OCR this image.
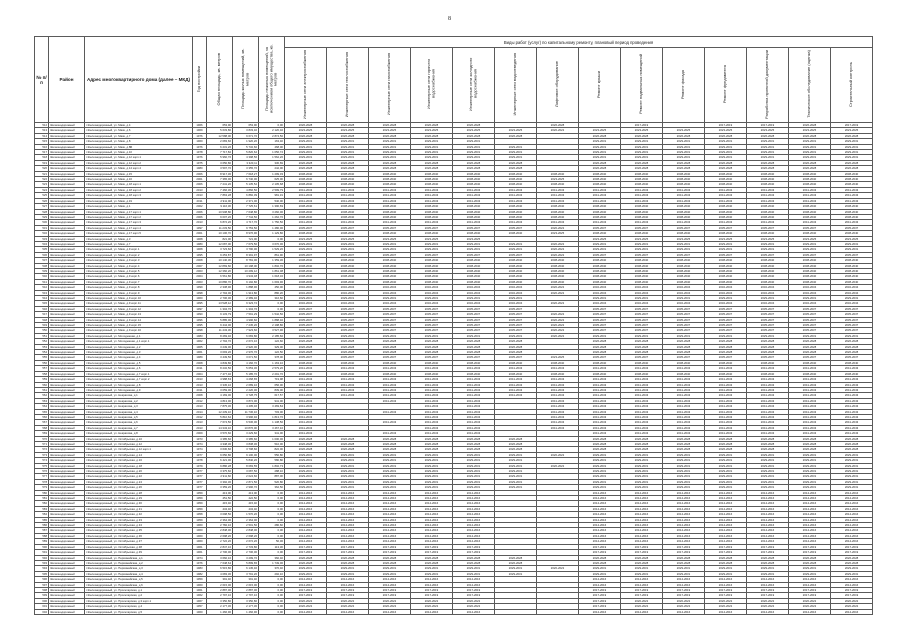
8
№ п/п	Район	Адрес многоквартирного дома (далее – МКД)	Год постройки	Общая площадь, кв. метров	Площадь жилых помещений, кв. метров	Площадь нежилых помещений, за исключением общего имущества, кв. метров	Виды работ (услуг) по капитальному ремонту, плановый период проведения													
							Инженерные сети электроснабжения	Инженерные сети теплоснабжения	Инженерные сети газоснабжения	Инженерные сети горячего водоснабжения	Инженерные сети холодного водоснабжения	Инженерные сети водоотведения	Лифтовое оборудование	Ремонт крыши	Ремонт подвальных помещений	Ремонт фасада	Ремонт фундамента	Разработка проектной документации	Техническое обследование (оценка)	Строительный контроль
512	Железнодорожный	г.Железнодорожный, ул. Маяк, д.4	1966	653,90	653,90	0,00	2026-2028	2026-2028	2026-2028	2026-2028	2026-2028		2026-2028		2017-2019		2017-2019	2017-2019	2026-2028	2017-2019
513	Железнодорожный	г.Железнодорожный, ул. Маяк, д.6	1969	5 633,80	3 833,40	2 120,40	2023-2025	2023-2025	2023-2025	2023-2025	2023-2025	2023-2025	2020-2022	2023-2025	2023-2025	2023-2025	2023-2025	2023-2025	2023-2025	2023-2025
514	Железнодорожный	г.Железнодорожный, ул. Маяк, д.7	1976	12 588,00	9 671,70	2 874,50	2026-2028	2026-2028	2026-2028	2026-2028	2026-2028	2026-2028		2026-2028	2026-2028	2026-2028	2026-2028	2026-2028	2026-2028	2026-2028
515	Железнодорожный	г.Железнодорожный, ул. Маяк, д.8	1960	2 083,60	1 920,20	163,40	2029-2031	2029-2031	2029-2031	2029-2031	2029-2031			2029-2031	2029-2031	2029-2031	2029-2031	2029-2031	2029-2031	2029-2031
516	Железнодорожный	г.Железнодорожный, ул. Маяк, д.8Б	1976	6 231,26	5 732,60	468,00	2029-2031	2029-2031	2029-2031	2029-2031	2029-2031	2029-2031		2029-2031	2029-2031	2029-2031	2029-2031	2029-2031	2029-2031	2029-2031
517	Железнодорожный	г.Железнодорожный, ул. Маяк, д.10	1978	7 717,82	5 820,62	1 056,72	2029-2031	2029-2031	2029-2031	2029-2031	2029-2031	2029-2031		2029-2031	2029-2031	2029-2031	2029-2031	2029-2031	2029-2031	2029-2031
518	Железнодорожный	г.Железнодорожный, ул. Маяк, д.12 корп.1	1976	5 960,76	4 398,56	1 562,20	2029-2031	2029-2031	2029-2031	2029-2031	2029-2031	2029-2031		2029-2031	2029-2031	2029-2031	2029-2031	2029-2031	2029-2031	2029-2031
519	Железнодорожный	г.Железнодорожный, ул. Маяк, д.12 корп.2	1975	3 650,80	3 320,11	330,69	2026-2028	2026-2028	2026-2028	2026-2028	2026-2028	2026-2028		2026-2028	2026-2028	2026-2028	2026-2028	2026-2028	2026-2028	2026-2028
520	Железнодорожный	г.Железнодорожный, ул. Маяк, д.14 корп.4	1980	3 597,70	3 355,70	242,00	2026-2028	2026-2028	2026-2028	2026-2028	2026-2028	2026-2028		2026-2028	2026-2028	2026-2028	2026-2028	2026-2028	2026-2028	2026-2028
521	Железнодорожный	г.Железнодорожный, ул. Маяк, д.15	2006	8 917,30	7 618,27	1 299,03	2038-2040	2038-2040	2038-2040	2038-2040	2038-2040	2038-2040	2038-2040	2038-2040	2038-2040	2038-2040	2038-2040	2038-2040	2038-2040	2038-2040
522	Железнодорожный	г.Железнодорожный, ул. Маяк, д.16	2001	7 365,00	6 740,00	625,00	2038-2040	2038-2040	2038-2040	2038-2040	2038-2040	2038-2040	2023-2025	2038-2040	2038-2040	2038-2040	2038-2040	2038-2040	2038-2040	2038-2040
523	Железнодорожный	г.Железнодорожный, ул. Маяк, д.18 корп.1	2006	7 241,20	5 135,52	2 105,68	2038-2040	2038-2040	2038-2040	2038-2040	2038-2040	2038-2040	2038-2040	2038-2040	2038-2040	2038-2040	2038-2040	2038-2040	2038-2040	2038-2040
524	Железнодорожный	г.Железнодорожный, ул. Маяк, д.18 корп.2	2013	7 466,30	4 866,50	2 599,79	2041-2043	2041-2043	2041-2043	2041-2043	2041-2043	2041-2043	2041-2043	2041-2043	2041-2043	2041-2043	2041-2043	2041-2043	2041-2043	2041-2043
525	Железнодорожный	г.Железнодорожный, ул. Маяк, д.18 корп.3	2013	7 863,28	6 882,09	981,19	2041-2043	2041-2043	2041-2043	2041-2043	2041-2043	2041-2043	2041-2043	2041-2043	2041-2043	2041-2043	2041-2043	2041-2043	2041-2043	2041-2043
526	Железнодорожный	г.Железнодорожный, ул. Маяк, д.19	2011	2 911,00	2 371,00	540,00	2041-2043	2041-2043	2041-2043	2041-2043	2041-2043	2041-2043	2041-2043	2041-2043	2041-2043	2041-2043	2041-2043	2041-2043	2041-2043	2041-2043
527	Железнодорожный	г.Железнодорожный, ул. Маяк, д.1	2002	9 116,30	7 725,61	1 390,69	2038-2040	2038-2040	2038-2040	2038-2040	2038-2040	2038-2040	2038-2040	2038-2040	2038-2040	2038-2040	2038-2040	2038-2040	2038-2040	2038-2040
528	Железнодорожный	г.Железнодорожный, ул. Маяк, д.17 корп.1	2006	10 908,80	7 648,80	3 260,00	2038-2040	2038-2040	2038-2040	2038-2040	2038-2040	2038-2040	2038-2040	2038-2040	2038-2040	2038-2040	2038-2040	2038-2040	2038-2040	2038-2040
529	Железнодорожный	г.Железнодорожный, ул. Маяк, д.17 корп.2	2006	9 007,20	7 744,50	1 262,70	2038-2040	2038-2040	2038-2040	2038-2040	2038-2040	2038-2040	2038-2040	2038-2040	2038-2040	2038-2040	2038-2040	2038-2040	2038-2040	2038-2040
530	Железнодорожный	г.Железнодорожный, ул. Маяк, д.17 корп.3	2013	6 872,20	4 717,70	1 750,50	2041-2043	2041-2043	2041-2043	2041-2043	2041-2043	2041-2043	2041-2043	2041-2043	2041-2043	2041-2043	2041-2043	2041-2043	2041-2043	2041-2043
531	Железнодорожный	г.Железнодорожный, ул. Маяк, д.17 корп.4	1997	11 233,50	9 753,50	1 480,00	2035-2037	2035-2037	2035-2037	2035-2037	2035-2037	2035-2037	2020-2022	2035-2037	2035-2037	2035-2037	2035-2037	2035-2037	2035-2037	2035-2037
532	Железнодорожный	г.Железнодорожный, ул. Маяк, д.17 корп.5	2001	10 106,70	8 976,90	1 129,80	2038-2040	2038-2040	2038-2040	2038-2040	2038-2040	2038-2040	2023-2025	2038-2040	2038-2040	2038-2040	2038-2040	2038-2040	2038-2040	2038-2040
533	Железнодорожный	г.Железнодорожный, ул. Маяк, д.3	1968	821,00	721,00	0,00	2023-2025	2023-2025	2023-2025	2023-2025	2023-2025			2023-2025	2023-2025	2023-2025	2023-2025	2023-2025	2023-2025	2023-2025
534	Железнодорожный	г.Железнодорожный, ул. Маяк, д.7	1980	12 087,00	7 679,50	3 670,00	2029-2031	2029-2031	2029-2031	2029-2031	2029-2031	2029-2031	2020-2022	2029-2031	2029-2031	2029-2031	2029-2031	2029-2031	2029-2031	2029-2031
535	Железнодорожный	г.Железнодорожный, ул. Маяк, д.9 корп.1	1968	3 723,60	3 790,00	1 529,20	2029-2031	2029-2031	2029-2031	2029-2031	2029-2031	2029-2031	2020-2022	2029-2031	2029-2031	2029-2031	2029-2031	2029-2031	2029-2031	2029-2031
536	Железнодорожный	г.Железнодорожный, ул. Маяк, д.9 корп.2	1995	9 253,87	8 391,97	861,90	2035-2037	2035-2037	2035-2037	2035-2037	2035-2037	2035-2037	2020-2022	2035-2037	2035-2037	2035-2037	2035-2037	2035-2037	2035-2037	2035-2037
537	Железнодорожный	г.Железнодорожный, ул. Маяк, д.9 корп.3	2008	10 140,30	8 781,00	1 359,30	2038-2040	2038-2040	2038-2040	2038-2040	2038-2040	2038-2040	2038-2040	2038-2040	2038-2040	2038-2040	2038-2040	2038-2040	2038-2040	2038-2040
538	Железнодорожный	г.Железнодорожный, ул. Маяк, д.9 корп.4	2007	12 869,60	10 198,00	1 802,70	2038-2040	2038-2040	2038-2040	2038-2040	2038-2040	2038-2040	2038-2040	2038-2040	2038-2040	2038-2040	2038-2040	2038-2040	2038-2040	2038-2040
539	Железнодорожный	г.Железнодорожный, ул. Маяк, д.9 корп.5	2003	12 360,20	10 499,12	1 861,08	2038-2040	2038-2040	2038-2040	2038-2040	2038-2040	2038-2040	2038-2040	2038-2040	2038-2040	2038-2040	2038-2040	2038-2040	2038-2040	2038-2040
540	Железнодорожный	г.Железнодорожный, ул. Маяк, д.9 корп.6	2004	6 561,80	4 943,48	1 618,32	2038-2040	2038-2040	2038-2040	2038-2040	2038-2040	2038-2040	2038-2040	2038-2040	2038-2040	2038-2040	2038-2040	2038-2040	2038-2040	2038-2040
541	Железнодорожный	г.Железнодорожный, ул. Маяк, д.9 корп.7	2003	10 886,70	9 192,80	1 693,90	2038-2040	2038-2040	2038-2040	2038-2040	2038-2040	2038-2040	2038-2040	2038-2040	2038-2040	2038-2040	2038-2040	2038-2040	2038-2040	2038-2040
542	Железнодорожный	г.Железнодорожный, ул. Маяк, д.9 корп.8	1999	2 338,90	1 888,90	450,00	2032-2034	2032-2034	2032-2034	2032-2034	2032-2034	2032-2034	2020-2022	2032-2034	2032-2034	2032-2034	2032-2034	2032-2034	2032-2034	2032-2034
543	Железнодорожный	г.Железнодорожный, ул. Маяк, д.9 корп.9	1998	2 794,00	1 913,80	880,20	2032-2034	2032-2034	2032-2034	2032-2034	2032-2034	2032-2034	2020-2022	2032-2034	2032-2034	2032-2034	2032-2034	2032-2034	2032-2034	2032-2034
544	Железнодорожный	г.Железнодорожный, ул. Маяк, д.9 корп.10	1960	2 706,00	2 389,40	316,60	2029-2031	2029-2031	2029-2031	2029-2031	2029-2031	2029-2031		2029-2031	2029-2031	2029-2031	2029-2031	2029-2031	2029-2031	2029-2031
545	Железнодорожный	г.Железнодорожный, ул. Маяк, д.9 корп.11	1995	13 528,12	9 323,72	0,00	2032-2034	2032-2034	2032-2034	2032-2034	2032-2034	2032-2034	2020-2022	2032-2034	2032-2034	2032-2034	2032-2034	2032-2034	2032-2034	2032-2034
546	Железнодорожный	г.Железнодорожный, ул. Маяк, д.9 корп.12	1997	1 304,76	1 304,76	0,00	2035-2037	2035-2037	2035-2037	2035-2037	2035-2037	2035-2037		2035-2037	2035-2037	2035-2037	2035-2037	2035-2037	2035-2037	2035-2037
547	Железнодорожный	г.Железнодорожный, ул. Маяк, д.9 корп.13	1990	9 133,79	7 591,29	1 542,50	2035-2037	2035-2037	2035-2037	2035-2037	2035-2037	2035-2037	2020-2022	2035-2037	2035-2037	2035-2037	2035-2037	2035-2037	2035-2037	2035-2037
548	Железнодорожный	г.Железнодорожный, ул. Маяк, д.9 корп.14	1996	5 885,00	4 996,60	1 888,40	2035-2037	2035-2037	2035-2037	2035-2037	2035-2037	2035-2037	2020-2022	2035-2037	2035-2037	2035-2037	2035-2037	2035-2037	2035-2037	2035-2037
549	Железнодорожный	г.Железнодорожный, ул. Маяк, д.9 корп.15	1995	9 444,00	7 245,20	2 198,80	2035-2037	2035-2037	2035-2037	2035-2037	2035-2037	2035-2037	2020-2022	2035-2037	2035-2037	2035-2037	2035-2037	2035-2037	2035-2037	2035-2037
550	Железнодорожный	г.Железнодорожный, ул. Маяк, д.9 корп.16	1998	11 443,30	7 923,60	3 527,90	2035-2037	2035-2037	2035-2037	2035-2037	2035-2037	2035-2037	2020-2022	2035-2037	2035-2037	2035-2037	2035-2037	2035-2037	2035-2037	2035-2037
551	Железнодорожный	г.Железнодорожный, ул. Молодежная, д.1	1983	8 269,40	6 083,80	2 185,60	2029-2031	2029-2031	2029-2031	2029-2031	2029-2031	2029-2031	2020-2022	2029-2031	2029-2031	2029-2031	2029-2031	2029-2031	2029-2031	2029-2031
552	Железнодорожный	г.Железнодорожный, ул. Молодежная, д.1 корп.1	1962	2 794,70	2 672,10	122,60	2026-2028	2026-2028	2026-2028	2026-2028	2026-2028	2026-2028		2026-2028	2026-2028	2026-2028	2026-2028	2026-2028	2026-2028	2026-2028
553	Железнодорожный	г.Железнодорожный, ул. Молодежная, д.2	1965	3 249,00	2 920,00	329,00	2026-2028	2026-2028	2026-2028	2026-2028	2026-2028	2026-2028		2026-2028	2026-2028	2026-2028	2026-2028	2026-2028	2026-2028	2026-2028
554	Железнодорожный	г.Железнодорожный, ул. Молодежная, д.3	1961	3 093,20	2 970,70	122,50	2026-2028	2026-2028	2026-2028	2026-2028	2026-2028	2026-2028		2026-2028	2026-2028	2026-2028	2026-2028	2026-2028	2026-2028	2026-2028
555	Железнодорожный	г.Железнодорожный, ул. Молодежная, д.4	1989	3 449,50	3 071,50	378,00	2035-2037	2035-2037	2035-2037	2035-2037	2035-2037	2035-2037	2023-2025	2035-2037	2035-2037	2035-2037	2035-2037	2035-2037	2035-2037	2035-2037
556	Железнодорожный	г.Железнодорожный, ул. Молодежная, д.5	2008	4 849,80	4 166,70	1 163,10	2038-2040	2038-2040	2038-2040	2038-2040	2038-2040	2038-2040	2038-2040	2038-2040	2038-2040	2038-2040	2038-2040	2038-2040	2038-2040	2038-2040
557	Железнодорожный	г.Железнодорожный, ул. Молодежная, д.6	2011	8 232,50	5 653,30	2 579,20	2041-2043	2041-2043	2041-2043	2041-2043	2041-2043	2041-2043	2041-2043	2041-2043	2041-2043	2041-2043	2041-2043	2041-2043	2041-2043	2041-2043
558	Железнодорожный	г.Железнодорожный, ул. Молодежная, д.7 корп.1	2004	7 477,40	5 185,70	2 291,70	2038-2040	2038-2040	2038-2040	2038-2040	2038-2040	2038-2040	2038-2040	2038-2040	2038-2040	2038-2040	2038-2040	2038-2040	2038-2040	2038-2040
559	Железнодорожный	г.Железнодорожный, ул. Молодежная, д.7 корп.2	2013	4 988,63	4 268,65	719,98	2041-2043	2041-2043	2041-2043	2041-2043	2041-2043	2041-2043	2041-2043	2041-2043	2041-2043	2041-2043	2041-2043	2041-2043	2041-2043	2041-2043
560	Железнодорожный	г.Железнодорожный, ул. Молодежная, д.8	2013	3 345,10	2 689,10	656,00	2041-2043	2041-2043	2041-2043	2041-2043	2041-2043	2041-2043	2041-2043	2041-2043	2041-2043	2041-2043	2041-2043	2041-2043	2041-2043	2041-2043
561	Железнодорожный	г.Железнодорожный, ул. Молодежная, д.9	2011	3 059,00	2 220,00	839,00	2041-2043	2041-2043	2041-2043	2041-2043	2041-2043	2041-2043	2041-2043	2041-2043	2041-2043	2041-2043	2041-2043	2041-2043	2041-2043	2041-2043
562	Железнодорожный	г.Железнодорожный, ул. Некрасова, д.1	2008	4 169,00	3 728,75	617,57	2041-2043	2041-2043	2041-2043	2041-2043	2041-2043	2041-2043	2041-2043	2041-2043	2041-2043	2041-2043	2041-2043	2041-2043	2041-2043	2041-2043
563	Железнодорожный	г.Железнодорожный, ул. Некрасова, д.2	2012	4 813,00	3 872,00	941,00	2041-2043		2041-2043	2041-2043	2041-2043		2041-2043	2041-2043	2041-2043	2041-2043	2041-2043	2041-2043	2041-2043	2041-2043
564	Железнодорожный	г.Железнодорожный, ул. Некрасова, д.3	2013	7 875,30	4 405,46	3 469,84	2041-2043			2041-2043	2041-2043		2041-2043	2041-2043	2041-2043	2041-2043	2041-2043	2041-2043	2041-2043	2041-2043
565	Железнодорожный	г.Железнодорожный, ул. Некрасова, д.4	2014	12 439,10	11 736,10	703,00	2041-2043		2041-2043	2041-2043	2041-2043		2041-2043	2041-2043	2041-2043	2041-2043	2041-2043	2041-2043	2041-2043	2041-2043
566	Железнодорожный	г.Железнодорожный, ул. Некрасова, д.5	2012	5 810,62	3 996,92	1 813,70	2041-2043			2041-2043	2041-2043		2041-2043	2041-2043	2041-2043	2041-2043	2041-2043	2041-2043	2041-2043	2041-2043
567	Железнодорожный	г.Железнодорожный, ул. Некрасова, д.6	2013	7 674,50	6 536,00	1 138,50	2041-2043		2041-2043	2041-2043	2041-2043		2041-2043	2041-2043	2041-2043	2041-2043	2041-2043	2041-2043	2041-2043	2041-2043
568	Железнодорожный	г.Железнодорожный, ул. Некрасова, д.7	2013	14 343,10	10 876,00	3 467,10	2041-2043			2041-2043	2041-2043		2041-2043	2041-2043	2041-2043	2041-2043	2041-2043	2041-2043	2041-2043	2041-2043
569	Железнодорожный	г.Железнодорожный, ул. Некрасова, д.8	2009	3 570,60	3 229,60	341,00	2041-2043		2041-2043	2041-2043	2041-2043			2041-2043	2041-2043	2041-2043	2041-2043	2041-2043	2041-2043	2041-2043
570	Железнодорожный	г.Железнодорожный, ул. Октябрьская, д.10	1973	4 385,60	3 385,60	1 000,00	2026-2028	2026-2028	2026-2028	2026-2028	2026-2028	2026-2028		2026-2028	2026-2028	2026-2028	2026-2028	2026-2028	2026-2028	2026-2028
571	Железнодорожный	г.Железнодорожный, ул. Октябрьская, д.12	1974	4 348,30	3 838,30	510,00	2026-2028	2026-2028	2026-2028	2026-2028	2026-2028	2026-2028		2026-2028	2026-2028	2026-2028	2026-2028	2026-2028	2026-2028	2026-2028
572	Железнодорожный	г.Железнодорожный, ул. Октябрьская, д.12 корп.1	1974	3 630,60	3 708,60	822,00	2026-2028	2026-2028	2026-2028	2026-2028	2026-2028	2026-2028		2026-2028	2026-2028	2026-2028	2026-2028	2026-2028	2026-2028	2026-2028
573	Железнодорожный	г.Железнодорожный, ул. Октябрьская, д.14	1977	9 650,80	9 100,00	550,80	2029-2031	2029-2031	2029-2031	2029-2031	2029-2031	2029-2031	2020-2022	2029-2031	2029-2031	2029-2031	2029-2031	2029-2031	2029-2031	2029-2031
574	Железнодорожный	г.Железнодорожный, ул. Октябрьская, д.16	1978	6 421,00	5 840,20	580,80	2029-2031	2029-2031	2029-2031	2029-2031	2029-2031	2029-2031		2029-2031	2029-2031	2029-2031	2029-2031	2029-2031	2029-2031	2029-2031
575	Железнодорожный	г.Железнодорожный, ул. Октябрьская, д.18	1979	9 886,28	8 083,55	1 802,73	2029-2031	2029-2031	2029-2031	2029-2031	2029-2031	2029-2031	2020-2022	2029-2031	2029-2031	2029-2031	2029-2031	2029-2031	2029-2031	2029-2031
576	Железнодорожный	г.Железнодорожный, ул. Октябрьская, д.20	1977	3 375,60	3 087,50	288,10	2029-2031	2029-2031	2029-2031	2029-2031	2029-2031	2029-2031		2029-2031	2029-2031	2029-2031	2029-2031	2029-2031	2029-2031	2029-2031
577	Железнодорожный	г.Железнодорожный, ул. Октябрьская, д.22	1977	2 911,60	2 024,60	887,00	2029-2031	2029-2031	2029-2031	2029-2031	2029-2031	2029-2031		2029-2031	2029-2031	2029-2031	2029-2031	2029-2031	2029-2031	2029-2031
578	Железнодорожный	г.Железнодорожный, ул. Октябрьская, д.24	1977	3 392,30	2 871,50	520,80	2029-2031	2029-2031	2029-2031	2029-2031	2029-2031	2029-2031		2029-2031	2029-2031	2029-2031	2029-2031	2029-2031	2029-2031	2029-2031
579	Железнодорожный	г.Железнодорожный, ул. Октябрьская, д.26	1977	3 359,20	2 996,70	362,50	2029-2031	2029-2031	2029-2031	2029-2031	2029-2031	2029-2031		2029-2031	2029-2031	2029-2031	2029-2031	2029-2031	2029-2031	2029-2031
580	Железнодорожный	г.Железнодорожный, ул. Октябрьская, д.28	1959	413,00	413,00	0,00	2014-2016	2014-2016	2014-2016	2014-2016	2014-2016			2014-2016	2014-2016	2014-2016	2014-2016	2014-2016	2014-2016	2014-2016
581	Железнодорожный	г.Железнодорожный, ул. Октябрьская, д.29	1959	451,50	422,50	0,00	2014-2016	2014-2016	2014-2016	2014-2016	2014-2016			2014-2016	2014-2016	2014-2016	2014-2016	2014-2016	2014-2016	2014-2016
582	Железнодорожный	г.Железнодорожный, ул. Октябрьская, д.30	1959	415,40	415,40	0,00	2014-2016	2014-2016	2014-2016	2014-2016	2014-2016			2014-2016	2014-2016	2014-2016	2014-2016	2014-2016	2014-2016	2014-2016
583	Железнодорожный	г.Железнодорожный, ул. Октябрьская, д.31	1959	434,40	434,40	0,00	2014-2016	2014-2016	2014-2016	2014-2016	2014-2016			2014-2016	2014-2016	2014-2016	2014-2016	2014-2016	2014-2016	2014-2016
584	Железнодорожный	г.Железнодорожный, ул. Октябрьская, д.32	1958	3 098,50	1 570,20	0,00	2014-2016	2014-2016	2014-2016	2014-2016	2014-2016			2014-2016	2014-2016	2014-2016	2014-2016	2014-2016	2014-2016	2014-2016
585	Железнодорожный	г.Железнодорожный, ул. Октябрьская, д.33	1959	2 364,00	2 364,00	0,00	2014-2016	2014-2016	2014-2016	2014-2016	2014-2016			2014-2016	2014-2016	2014-2016	2014-2016	2014-2016	2014-2016	2014-2016
586	Железнодорожный	г.Железнодорожный, ул. Октябрьская, д.34	1960	2 782,10	2 501,50	280,60	2014-2016	2014-2016	2014-2016	2014-2016	2014-2016			2014-2016	2014-2016	2014-2016	2014-2016	2014-2016	2014-2016	2014-2016
587	Железнодорожный	г.Железнодорожный, ул. Октябрьская, д.35	1960	2 848,00	2 848,00	0,00	2014-2016	2014-2016	2014-2016	2014-2016	2014-2016			2014-2016	2014-2016	2014-2016	2014-2016	2014-2016	2014-2016	2014-2016
588	Железнодорожный	г.Железнодорожный, ул. Октябрьская, д.36	1960	2 698,20	2 698,20	0,00	2014-2016	2014-2016	2014-2016	2014-2016	2014-2016			2014-2016	2014-2016	2014-2016	2014-2016	2014-2016	2014-2016	2014-2016
589	Железнодорожный	г.Железнодорожный, ул. Октябрьская, д.37	1960	2 722,20	2 672,20	50,00	2014-2016	2014-2016	2014-2016	2014-2016	2014-2016			2014-2016	2014-2016	2014-2016	2014-2016	2014-2016	2014-2016	2014-2016
590	Железнодорожный	г.Железнодорожный, ул. Октябрьская, д.38	1961	2 847,10	2 733,80	113,30	2017-2019	2017-2019	2017-2019	2017-2019	2017-2019			2017-2019	2017-2019	2017-2019	2017-2019	2017-2019	2017-2019	2017-2019
591	Железнодорожный	г.Железнодорожный, ул. Октябрьская, д.39	1961	2 706,00	2 706,00	0,00	2017-2019	2017-2019	2017-2019	2017-2019	2017-2019			2017-2019	2017-2019	2017-2019	2017-2019	2017-2019	2017-2019	2017-2019
592	Железнодорожный	г.Железнодорожный, ул. Первомайская, д.1	1974	3 660,10	3 299,70	360,40	2026-2028	2026-2028	2026-2028	2026-2028	2026-2028	2026-2028		2026-2028	2026-2028	2026-2028	2026-2028	2026-2028	2026-2028	2026-2028
593	Железнодорожный	г.Железнодорожный, ул. Первомайская, д.2	1976	7 648,64	5 899,65	1 749,00	2026-2028	2026-2028	2026-2028	2026-2028	2026-2028	2026-2028		2026-2028	2026-2028	2026-2028	2026-2028	2026-2028	2026-2028	2026-2028
594	Железнодорожный	г.Железнодорожный, ул. Первомайская, д.3	1983	6 515,80	6 145,40	370,40	2029-2031	2029-2031	2029-2031	2029-2031	2029-2031	2029-2031	2020-2022	2029-2031	2029-2031	2029-2031	2029-2031	2029-2031	2029-2031	2029-2031
595	Железнодорожный	г.Железнодорожный, ул. Первомайская, д.4	1982	4 083,30	3 791,20	292,10	2029-2031	2029-2031	2029-2031	2029-2031	2029-2031	2029-2031		2029-2031	2029-2031	2029-2031	2029-2031	2029-2031	2029-2031	2029-2031
596	Железнодорожный	г.Железнодорожный, ул. Первомайская, д.5	1959	391,40	391,40	0,00	2014-2016	2014-2016	2014-2016	2014-2016	2014-2016			2014-2016	2014-2016	2014-2016	2014-2016	2014-2016	2014-2016	2014-2016
597	Железнодорожный	г.Железнодорожный, ул. Первомайская, д.6	1960	2 615,00	2 615,00	0,00	2014-2016	2014-2016	2014-2016	2014-2016	2014-2016			2014-2016	2014-2016	2014-2016	2014-2016	2014-2016	2014-2016	2014-2016
598	Железнодорожный	г.Железнодорожный, ул. Пролетарская, д.1	1961	2 887,00	2 887,00	0,00	2017-2019	2017-2019	2017-2019	2017-2019	2017-2019			2017-2019	2017-2019	2017-2019	2017-2019	2017-2019	2017-2019	2017-2019
599	Железнодорожный	г.Железнодорожный, ул. Пролетарская, д.2	1962	2 797,10	2 797,10	0,00	2017-2019	2017-2019	2017-2019	2017-2019	2017-2019			2017-2019	2017-2019	2017-2019	2017-2019	2017-2019	2017-2019	2017-2019
600	Железнодорожный	г.Железнодорожный, ул. Пролетарская, д.3 корп.1	1967	3 350,80	3 350,80	0,00	2020-2022	2020-2022	2020-2022	2020-2022	2020-2022			2017-2019	2020-2022	2020-2022	2020-2022	2020-2022	2020-2022	2020-2022
601	Железнодорожный	г.Железнодорожный, ул. Пролетарская, д.4	1957	2 177,30	2 177,30	0,00	2020-2022	2020-2022	2020-2022	2020-2022	2020-2022			2017-2019	2020-2022	2020-2022	2020-2022	2020-2022	2020-2022	2020-2022
602	Железнодорожный	г.Железнодорожный, ул. Пролетарская, д.5	1960	1 466,90	1 466,90	0,00	2014-2016	2014-2016	2014-2016	2014-2016	2014-2016			2014-2016	2014-2016	2014-2016	2014-2016	2014-2016	2014-2016	2014-2016
